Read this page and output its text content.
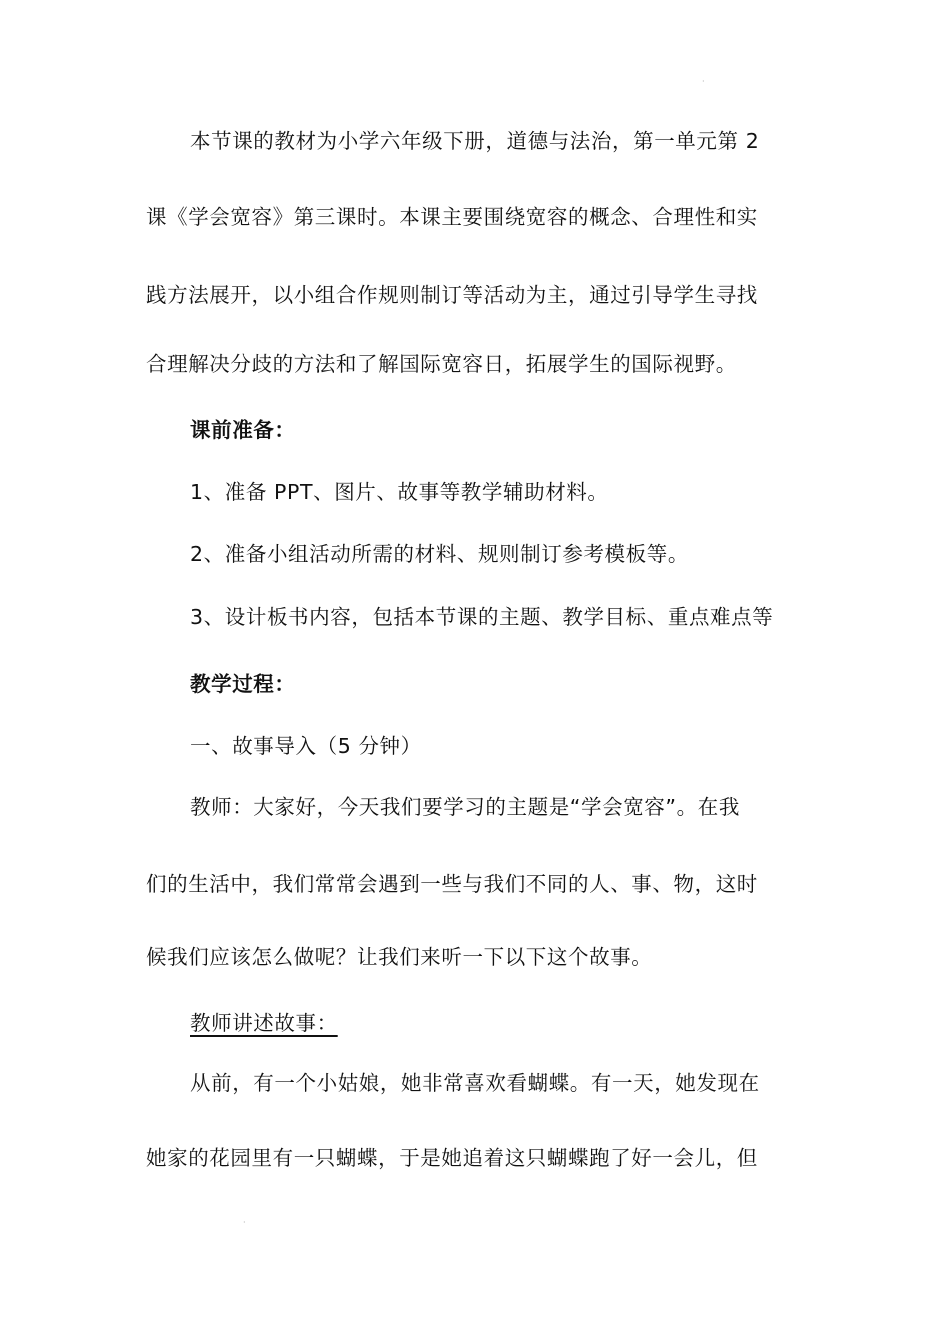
·
本节课的教材为小学六年级下册，道德与法治，第一单元第 2
课《学会宽容》第三课时。本课主要围绕宽容的概念、合理性和实
践方法展开，以小组合作规则制订等活动为主，通过引导学生寻找
合理解决分歧的方法和了解国际宽容日，拓展学生的国际视野。
课前准备：
1、准备 PPT、图片、故事等教学辅助材料。
2、准备小组活动所需的材料、规则制订参考模板等。
3、设计板书内容，包括本节课的主题、教学目标、重点难点等
教学过程：
一、故事导入（5 分钟）
教师：大家好，今天我们要学习的主题是“学会宽容”。在我
们的生活中，我们常常会遇到一些与我们不同的人、事、物，这时
候我们应该怎么做呢？让我们来听一下以下这个故事。
教师讲述故事：
从前，有一个小姑娘，她非常喜欢看蝴蝶。有一天，她发现在
她家的花园里有一只蝴蝶，于是她追着这只蝴蝶跑了好一会儿，但
·
